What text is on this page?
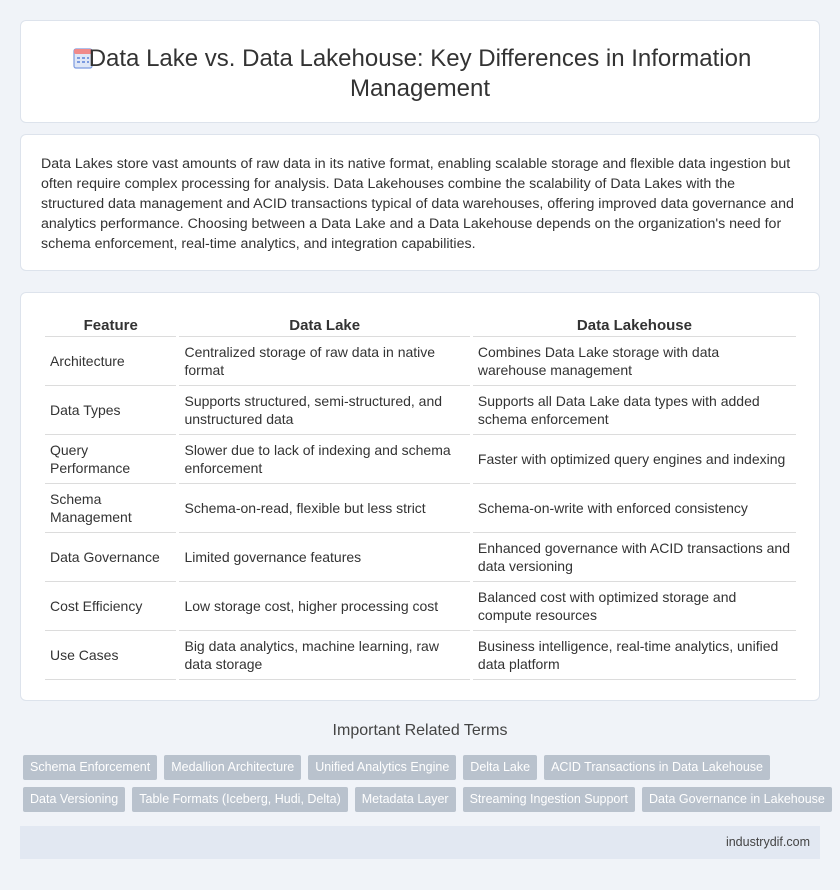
Data Lake vs. Data Lakehouse: Key Differences in Information Management

Data Lakes store vast amounts of raw data in its native format, enabling scalable storage and flexible data ingestion but often require complex processing for analysis. Data Lakehouses combine the scalability of Data Lakes with the structured data management and ACID transactions typical of data warehouses, offering improved data governance and analytics performance. Choosing between a Data Lake and a Data Lakehouse depends on the organization's need for schema enforcement, real-time analytics, and integration capabilities.

Feature	Data Lake	Data Lakehouse
Architecture	Centralized storage of raw data in native format	Combines Data Lake storage with data warehouse management
Data Types	Supports structured, semi-structured, and unstructured data	Supports all Data Lake data types with added schema enforcement
Query Performance	Slower due to lack of indexing and schema enforcement	Faster with optimized query engines and indexing
Schema Management	Schema-on-read, flexible but less strict	Schema-on-write with enforced consistency
Data Governance	Limited governance features	Enhanced governance with ACID transactions and data versioning
Cost Efficiency	Low storage cost, higher processing cost	Balanced cost with optimized storage and compute resources
Use Cases	Big data analytics, machine learning, raw data storage	Business intelligence, real-time analytics, unified data platform
Important Related Terms
Schema Enforcement	Medallion Architecture	Unified Analytics Engine	Delta Lake	ACID Transactions in Data Lakehouse
Data Versioning	Table Formats (Iceberg, Hudi, Delta)	Metadata Layer	Streaming Ingestion Support	Data Governance in Lakehouse
industrydif.com
